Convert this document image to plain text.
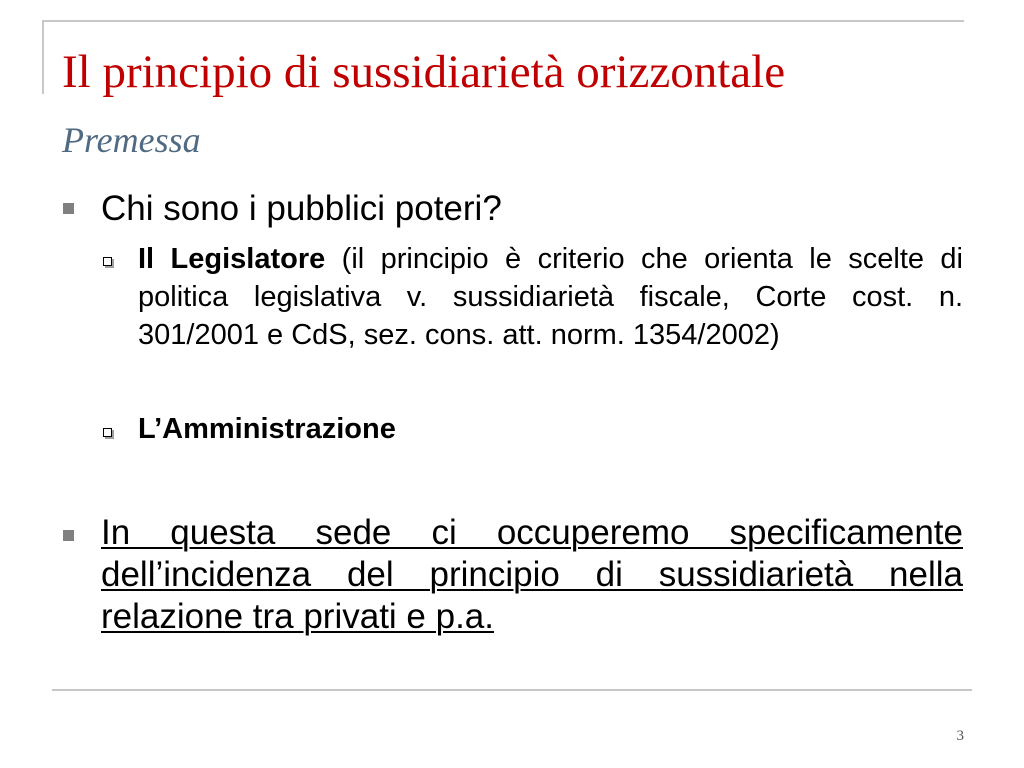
Il principio di sussidiarietà orizzontale
Premessa
Chi sono i pubblici poteri?
Il Legislatore (il principio è criterio che orienta le scelte di politica legislativa v. sussidiarietà fiscale, Corte cost. n. 301/2001 e CdS, sez. cons. att. norm. 1354/2002)
L’Amministrazione
In questa sede ci occuperemo specificamente dell’incidenza del principio di sussidiarietà nella relazione tra privati e p.a.
3
